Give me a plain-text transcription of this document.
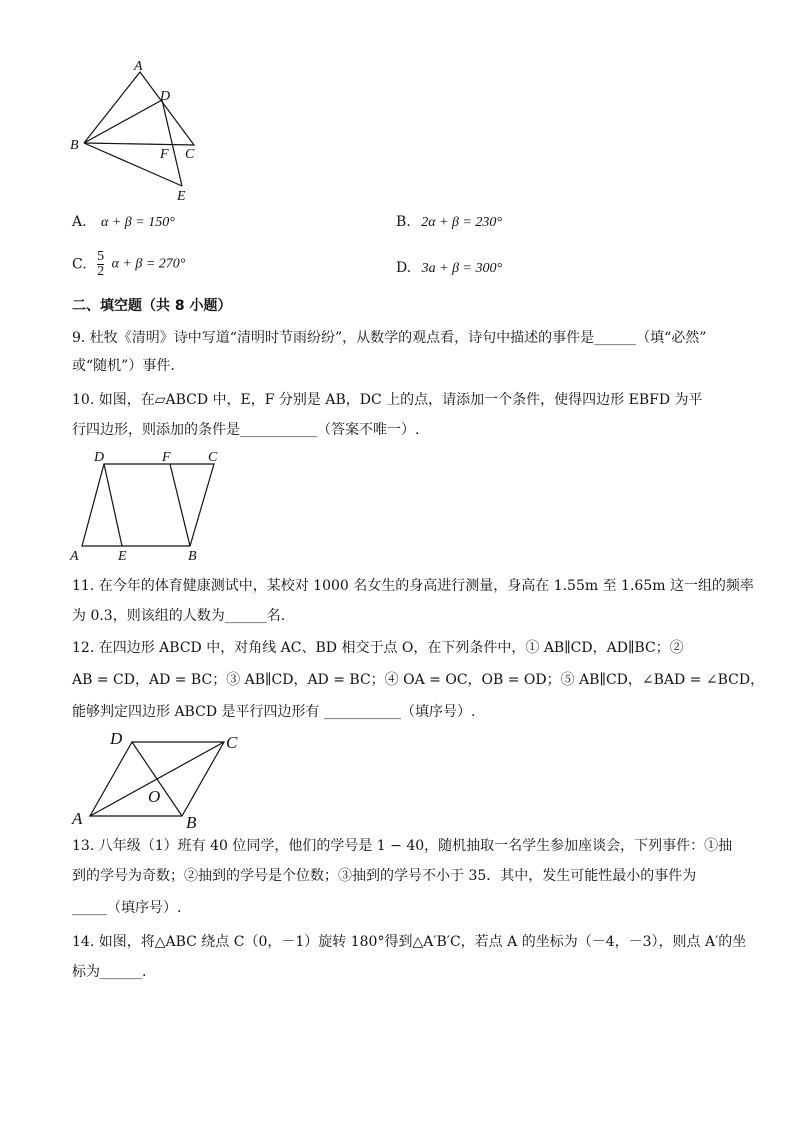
A
B
C
D
E
F
A. α + β = 150°	B. 2α + β = 230°
C. $\frac{5}{2}$ α + β = 270°	D. 3a + β = 300°
二、填空题（共 8 小题）
9. 杜牧《清明》诗中写道“清明时节雨纷纷”，从数学的观点看，诗句中描述的事件是______（填“必然”
或“随机”）事件.
10. 如图，在▱ABCD 中，E，F 分别是 AB，DC 上的点，请添加一个条件，使得四边形 EBFD 为平
行四边形，则添加的条件是___________（答案不唯一）.
A	E	B
D	F	C
11. 在今年的体育健康测试中，某校对 1000 名女生的身高进行测量，身高在 1.55m 至 1.65m 这一组的频率
为 0.3，则该组的人数为______名.
12. 在四边形 ABCD 中，对角线 AC、BD 相交于点 O，在下列条件中，① AB∥CD，AD∥BC；②
AB = CD，AD = BC；③ AB∥CD，AD = BC；④ OA = OC，OB = OD；⑤ AB∥CD，∠BAD = ∠BCD，
能够判定四边形 ABCD 是平行四边形有 ___________（填序号）.
A	B
C
D
O
13. 八年级（1）班有 40 位同学，他们的学号是 1 − 40，随机抽取一名学生参加座谈会，下列事件：①抽
到的学号为奇数；②抽到的学号是个位数；③抽到的学号不小于 35．其中，发生可能性最小的事件为
_____（填序号）.
14. 如图，将△ABC 绕点 C（0，－1）旋转 180°得到△A′B′C，若点 A 的坐标为（－4，－3），则点 A′的坐
标为______.
